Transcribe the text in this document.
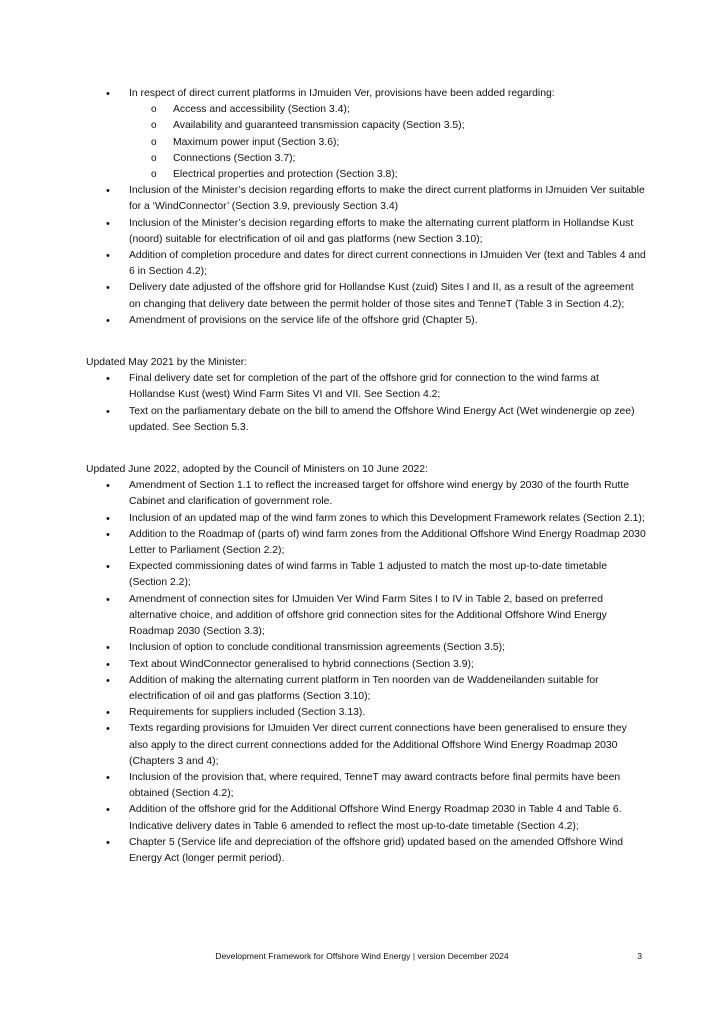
• In respect of direct current platforms in IJmuiden Ver, provisions have been added regarding:
o Access and accessibility (Section 3.4);
o Availability and guaranteed transmission capacity (Section 3.5);
o Maximum power input (Section 3.6);
o Connections (Section 3.7);
o Electrical properties and protection (Section 3.8);
• Inclusion of the Minister’s decision regarding efforts to make the direct current platforms in IJmuiden Ver suitable for a ‘WindConnector’ (Section 3.9, previously Section 3.4)
• Inclusion of the Minister’s decision regarding efforts to make the alternating current platform in Hollandse Kust (noord) suitable for electrification of oil and gas platforms (new Section 3.10);
• Addition of completion procedure and dates for direct current connections in IJmuiden Ver (text and Tables 4 and 6 in Section 4.2);
• Delivery date adjusted of the offshore grid for Hollandse Kust (zuid) Sites I and II, as a result of the agreement on changing that delivery date between the permit holder of those sites and TenneT (Table 3 in Section 4.2);
• Amendment of provisions on the service life of the offshore grid (Chapter 5).

Updated May 2021 by the Minister:

• Final delivery date set for completion of the part of the offshore grid for connection to the wind farms at Hollandse Kust (west) Wind Farm Sites VI and VII. See Section 4.2;
• Text on the parliamentary debate on the bill to amend the Offshore Wind Energy Act (Wet windenergie op zee) updated. See Section 5.3.

Updated June 2022, adopted by the Council of Ministers on 10 June 2022:

• Amendment of Section 1.1 to reflect the increased target for offshore wind energy by 2030 of the fourth Rutte Cabinet and clarification of government role.
• Inclusion of an updated map of the wind farm zones to which this Development Framework relates (Section 2.1);
• Addition to the Roadmap of (parts of) wind farm zones from the Additional Offshore Wind Energy Roadmap 2030 Letter to Parliament (Section 2.2);
• Expected commissioning dates of wind farms in Table 1 adjusted to match the most up-to-date timetable (Section 2.2);
• Amendment of connection sites for IJmuiden Ver Wind Farm Sites I to IV in Table 2, based on preferred alternative choice, and addition of offshore grid connection sites for the Additional Offshore Wind Energy Roadmap 2030 (Section 3.3);
• Inclusion of option to conclude conditional transmission agreements (Section 3.5);
• Text about WindConnector generalised to hybrid connections (Section 3.9);
• Addition of making the alternating current platform in Ten noorden van de Waddeneilanden suitable for electrification of oil and gas platforms (Section 3.10);
• Requirements for suppliers included (Section 3.13).
• Texts regarding provisions for IJmuiden Ver direct current connections have been generalised to ensure they also apply to the direct current connections added for the Additional Offshore Wind Energy Roadmap 2030 (Chapters 3 and 4);
• Inclusion of the provision that, where required, TenneT may award contracts before final permits have been obtained (Section 4.2);
• Addition of the offshore grid for the Additional Offshore Wind Energy Roadmap 2030 in Table 4 and Table 6. Indicative delivery dates in Table 6 amended to reflect the most up-to-date timetable (Section 4.2);
• Chapter 5 (Service life and depreciation of the offshore grid) updated based on the amended Offshore Wind Energy Act (longer permit period).
Development Framework for Offshore Wind Energy | version December 2024	3
